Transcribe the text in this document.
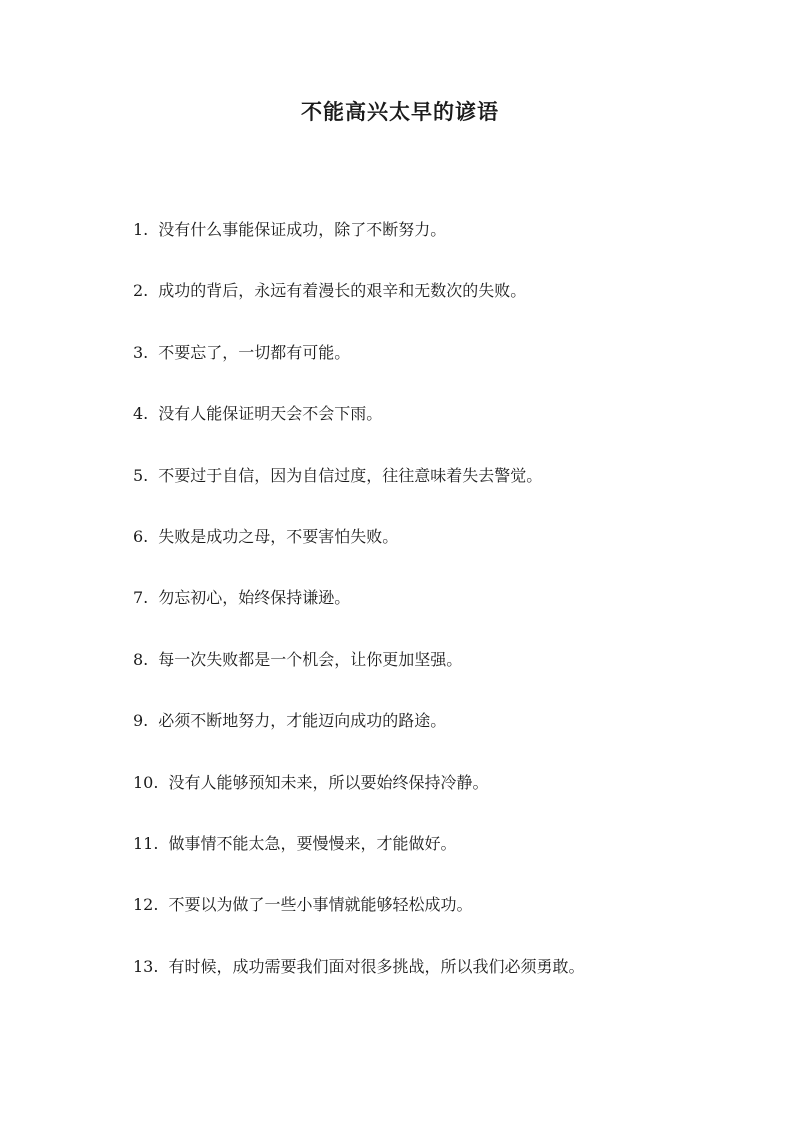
不能高兴太早的谚语
1. 没有什么事能保证成功，除了不断努力。
2. 成功的背后，永远有着漫长的艰辛和无数次的失败。
3. 不要忘了，一切都有可能。
4. 没有人能保证明天会不会下雨。
5. 不要过于自信，因为自信过度，往往意味着失去警觉。
6. 失败是成功之母，不要害怕失败。
7. 勿忘初心，始终保持谦逊。
8. 每一次失败都是一个机会，让你更加坚强。
9. 必须不断地努力，才能迈向成功的路途。
10. 没有人能够预知未来，所以要始终保持冷静。
11. 做事情不能太急，要慢慢来，才能做好。
12. 不要以为做了一些小事情就能够轻松成功。
13. 有时候，成功需要我们面对很多挑战，所以我们必须勇敢。
